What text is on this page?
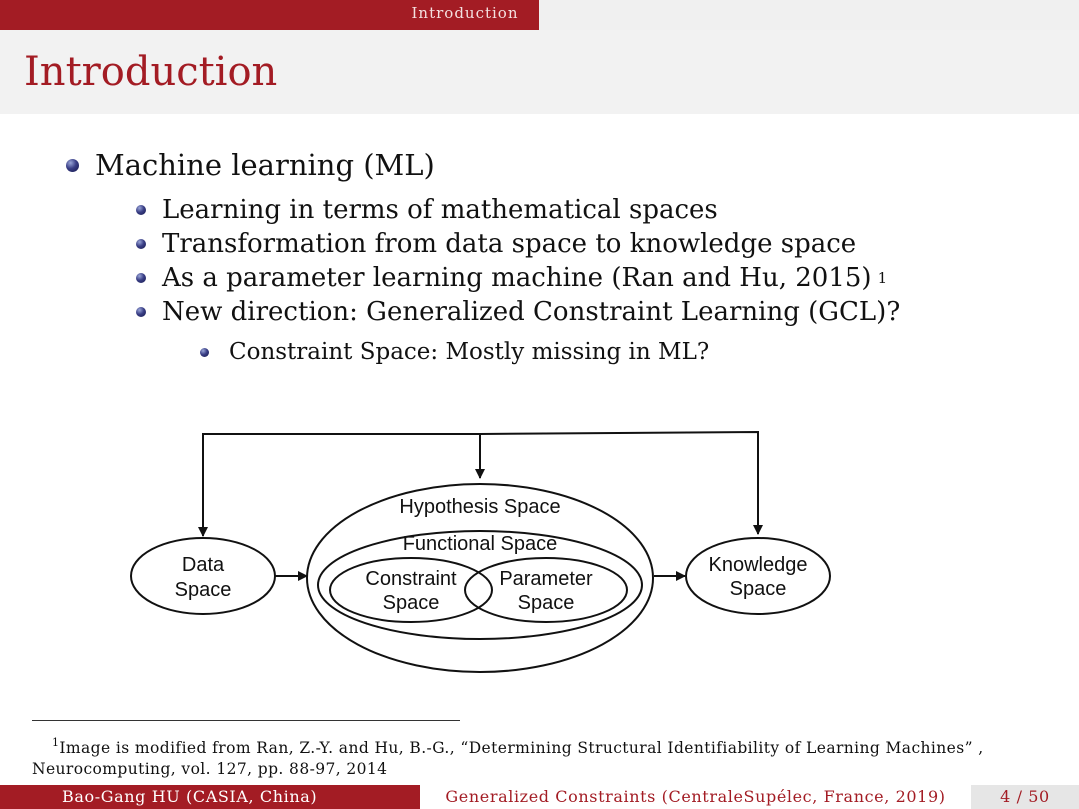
Introduction
Introduction
Machine learning (ML)
Learning in terms of mathematical spaces
Transformation from data space to knowledge space
As a parameter learning machine (Ran and Hu, 2015) 1
New direction: Generalized Constraint Learning (GCL)?
Constraint Space: Mostly missing in ML?
Data
Space
Hypothesis Space
Functional Space
Constraint
Space
Parameter
Space
Knowledge
Space

$^1$Image is modified from Ran, Z.-Y. and Hu, B.-G., “Determining Structural Identifiability of Learning Machines” , Neurocomputing, vol. 127, pp. 88-97, 2014

Bao-Gang HU (CASIA, China)	Generalized Constraints (CentraleSupélec, France, 2019)	4 / 50
